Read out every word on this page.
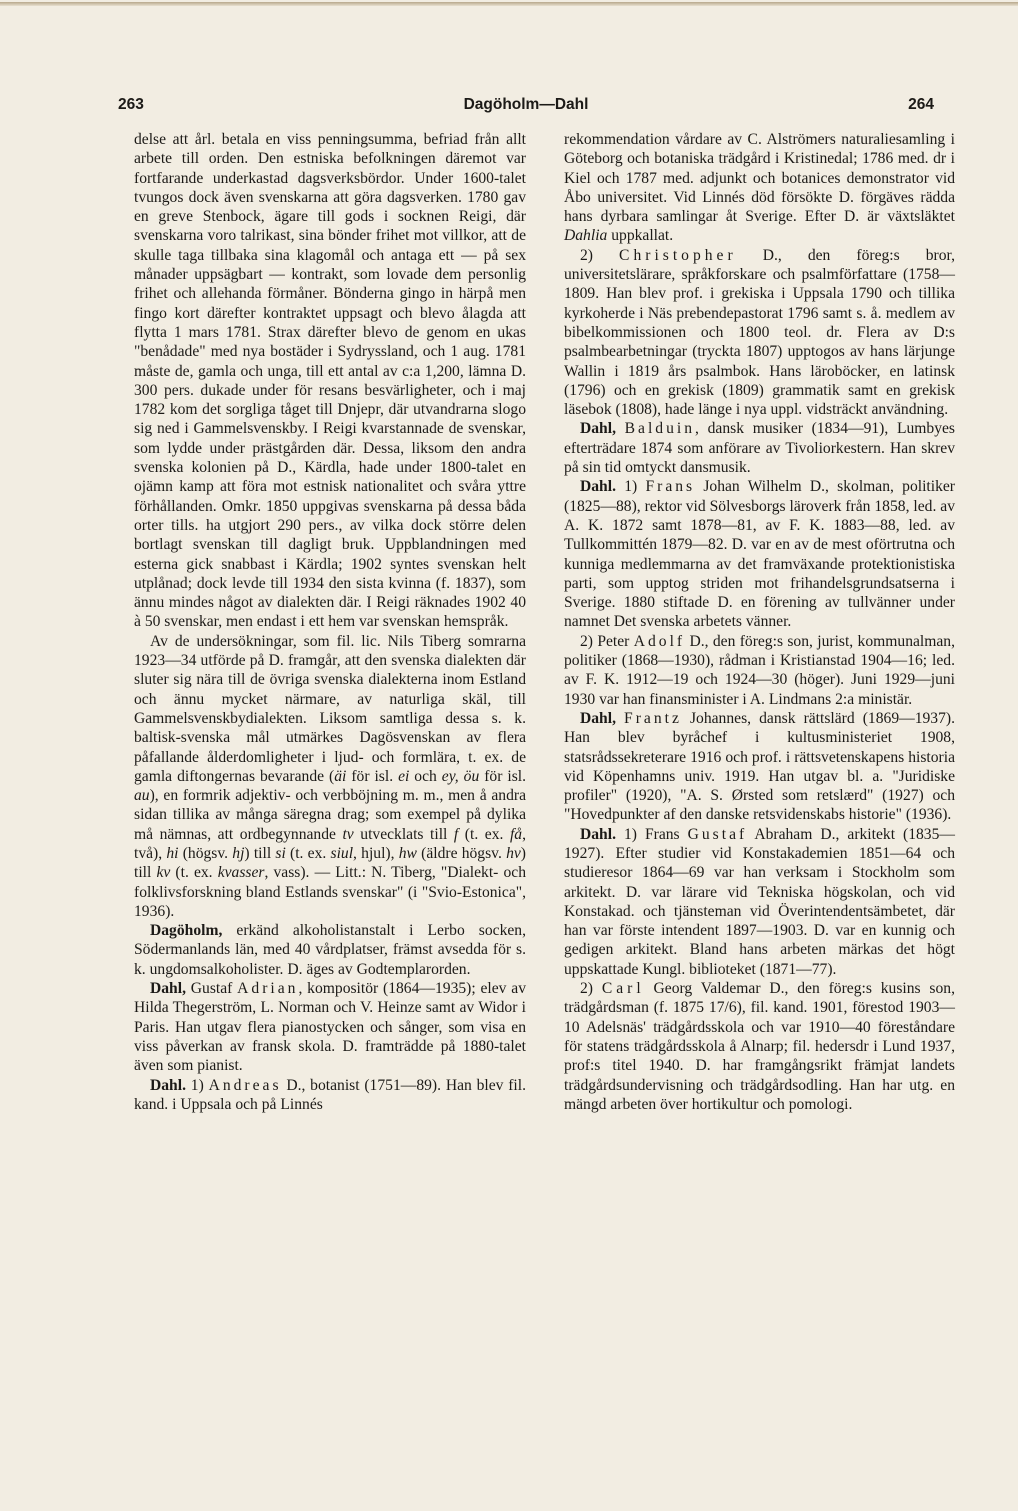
263	Dagöholm—Dahl	264

delse att årl. betala en viss penningsumma, befriad från allt arbete till orden. Den estniska befolkningen däremot var fortfarande underkastad dagsverksbördor. Under 1600-talet tvungos dock även svenskarna att göra dagsverken. 1780 gav en greve Stenbock, ägare till gods i socknen Reigi, där svenskarna voro talrikast, sina bönder frihet mot villkor, att de skulle taga tillbaka sina klagomål och antaga ett — på sex månader uppsägbart — kontrakt, som lovade dem personlig frihet och allehanda förmåner. Bönderna gingo in härpå men fingo kort därefter kontraktet uppsagt och blevo ålagda att flytta 1 mars 1781. Strax därefter blevo de genom en ukas "benådade" med nya bostäder i Sydryssland, och 1 aug. 1781 måste de, gamla och unga, till ett antal av c:a 1,200, lämna D. 300 pers. dukade under för resans besvärligheter, och i maj 1782 kom det sorgliga tåget till Dnjepr, där utvandrarna slogo sig ned i Gammelsvenskby. I Reigi kvarstannade de svenskar, som lydde under prästgården där. Dessa, liksom den andra svenska kolonien på D., Kärdla, hade under 1800-talet en ojämn kamp att föra mot estnisk nationalitet och svåra yttre förhållanden. Omkr. 1850 uppgivas svenskarna på dessa båda orter tills. ha utgjort 290 pers., av vilka dock större delen bortlagt svenskan till dagligt bruk. Uppblandningen med esterna gick snabbast i Kärdla; 1902 syntes svenskan helt utplånad; dock levde till 1934 den sista kvinna (f. 1837), som ännu mindes något av dialekten där. I Reigi räknades 1902 40 à 50 svenskar, men endast i ett hem var svenskan hemspråk.

Av de undersökningar, som fil. lic. Nils Tiberg somrarna 1923—34 utförde på D. framgår, att den svenska dialekten där sluter sig nära till de övriga svenska dialekterna inom Estland och ännu mycket närmare, av naturliga skäl, till Gammelsvenskbydialekten. Liksom samtliga dessa s. k. baltisk-svenska mål utmärkes Dagösvenskan av flera påfallande ålderdomligheter i ljud- och formlära, t. ex. de gamla diftongernas bevarande (äi för isl. ei och ey, öu för isl. au), en formrik adjektiv- och verbböjning m. m., men å andra sidan tillika av många säregna drag; som exempel på dylika må nämnas, att ordbegynnande tv utvecklats till f (t. ex. få, två), hi (högsv. hj) till si (t. ex. siul, hjul), hw (äldre högsv. hv) till kv (t. ex. kvasser, vass). — Litt.: N. Tiberg, "Dialekt- och folklivsforskning bland Estlands svenskar" (i "Svio-Estonica", 1936).

Dagöholm, erkänd alkoholistanstalt i Lerbo socken, Södermanlands län, med 40 vårdplatser, främst avsedda för s. k. ungdomsalkoholister. D. äges av Godtemplarorden.

Dahl, Gustaf Adrian, kompositör (1864—1935); elev av Hilda Thegerström, L. Norman och V. Heinze samt av Widor i Paris. Han utgav flera pianostycken och sånger, som visa en viss påverkan av fransk skola. D. framträdde på 1880-talet även som pianist.

Dahl. 1) Andreas D., botanist (1751—89). Han blev fil. kand. i Uppsala och på Linnés

rekommendation vårdare av C. Alströmers naturaliesamling i Göteborg och botaniska trädgård i Kristinedal; 1786 med. dr i Kiel och 1787 med. adjunkt och botanices demonstrator vid Åbo universitet. Vid Linnés död försökte D. förgäves rädda hans dyrbara samlingar åt Sverige. Efter D. är växtsläktet Dahlia uppkallat.

2) Christopher D., den föreg:s bror, universitetslärare, språkforskare och psalmförfattare (1758—1809. Han blev prof. i grekiska i Uppsala 1790 och tillika kyrkoherde i Näs prebendepastorat 1796 samt s. å. medlem av bibelkommissionen och 1800 teol. dr. Flera av D:s psalmbearbetningar (tryckta 1807) upptogos av hans lärjunge Wallin i 1819 års psalmbok. Hans läroböcker, en latinsk (1796) och en grekisk (1809) grammatik samt en grekisk läsebok (1808), hade länge i nya uppl. vidsträckt användning.

Dahl, Balduin, dansk musiker (1834—91), Lumbyes efterträdare 1874 som anförare av Tivoliorkestern. Han skrev på sin tid omtyckt dansmusik.

Dahl. 1) Frans Johan Wilhelm D., skolman, politiker (1825—88), rektor vid Sölvesborgs läroverk från 1858, led. av A. K. 1872 samt 1878—81, av F. K. 1883—88, led. av Tullkommittén 1879—82. D. var en av de mest oförtrutna och kunniga medlemmarna av det framväxande protektionistiska parti, som upptog striden mot frihandelsgrundsatserna i Sverige. 1880 stiftade D. en förening av tullvänner under namnet Det svenska arbetets vänner.

2) Peter Adolf D., den föreg:s son, jurist, kommunalman, politiker (1868—1930), rådman i Kristianstad 1904—16; led. av F. K. 1912—19 och 1924—30 (höger). Juni 1929—juni 1930 var han finansminister i A. Lindmans 2:a ministär.

Dahl, Frantz Johannes, dansk rättslärd (1869—1937). Han blev byråchef i kultusministeriet 1908, statsrådssekreterare 1916 och prof. i rättsvetenskapens historia vid Köpenhamns univ. 1919. Han utgav bl. a. "Juridiske profiler" (1920), "A. S. Ørsted som retslærd" (1927) och "Hovedpunkter af den danske retsvidenskabs historie" (1936).

Dahl. 1) Frans Gustaf Abraham D., arkitekt (1835—1927). Efter studier vid Konstakademien 1851—64 och studieresor 1864—69 var han verksam i Stockholm som arkitekt. D. var lärare vid Tekniska högskolan, och vid Konstakad. och tjänsteman vid Överintendentsämbetet, där han var förste intendent 1897—1903. D. var en kunnig och gedigen arkitekt. Bland hans arbeten märkas det högt uppskattade Kungl. biblioteket (1871—77).

2) Carl Georg Valdemar D., den föreg:s kusins son, trädgårdsman (f. 1875 17/6), fil. kand. 1901, förestod 1903—10 Adelsnäs' trädgårdsskola och var 1910—40 föreståndare för statens trädgårdsskola å Alnarp; fil. hedersdr i Lund 1937, prof:s titel 1940. D. har framgångsrikt främjat landets trädgårdsundervisning och trädgårdsodling. Han har utg. en mängd arbeten över hortikultur och pomologi.
